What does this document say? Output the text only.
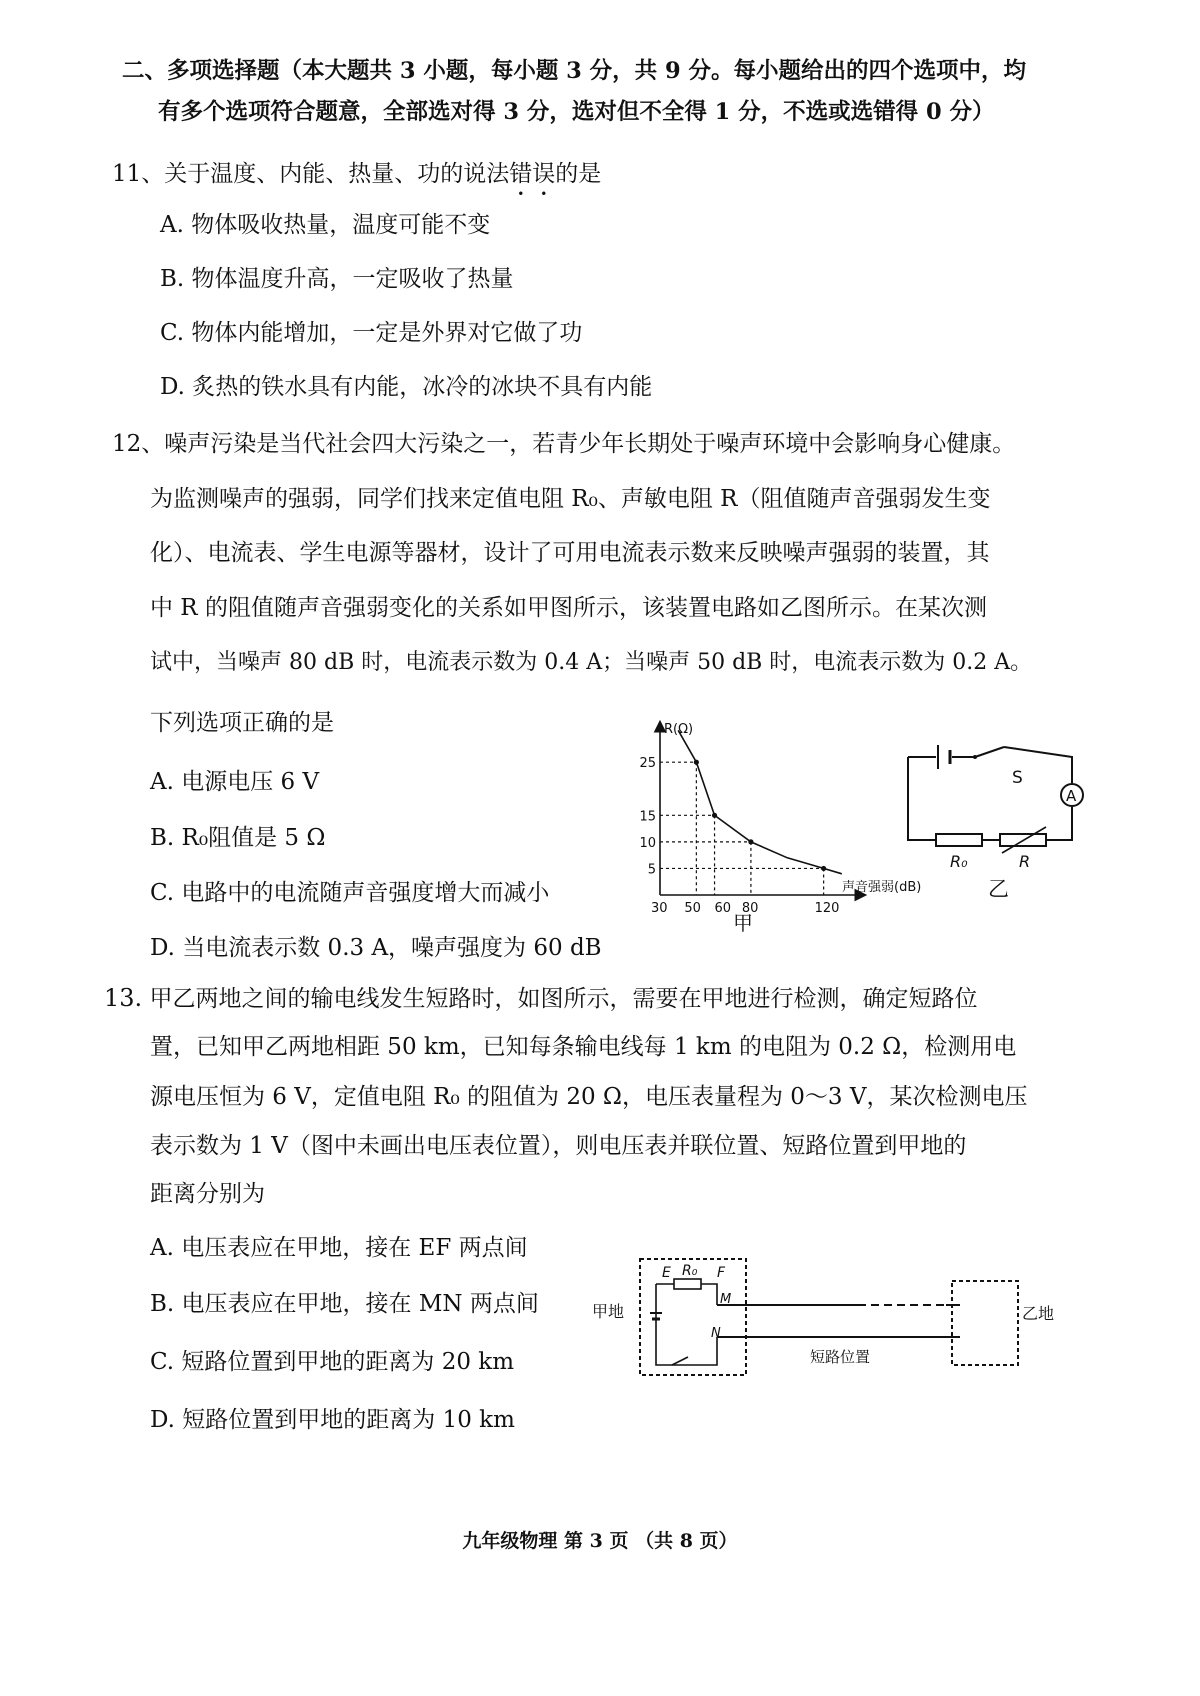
二、多项选择题（本大题共 3 小题，每小题 3 分，共 9 分。每小题给出的四个选项中，均
有多个选项符合题意，全部选对得 3 分，选对但不全得 1 分，不选或选错得 0 分）
11、关于温度、内能、热量、功的说法错误的是
A. 物体吸收热量，温度可能不变
B. 物体温度升高，一定吸收了热量
C. 物体内能增加，一定是外界对它做了功
D. 炙热的铁水具有内能，冰冷的冰块不具有内能
12、噪声污染是当代社会四大污染之一，若青少年长期处于噪声环境中会影响身心健康。
为监测噪声的强弱，同学们找来定值电阻 R₀、声敏电阻 R（阻值随声音强弱发生变
化）、电流表、学生电源等器材，设计了可用电流表示数来反映噪声强弱的装置，其
中 R 的阻值随声音强弱变化的关系如甲图所示，该装置电路如乙图所示。在某次测
试中，当噪声 80 dB 时，电流表示数为 0.4 A；当噪声 50 dB 时，电流表示数为 0.2 A。
下列选项正确的是
A. 电源电压 6 V
B. R₀阻值是 5 Ω
C. 电路中的电流随声音强度增大而减小
D. 当电流表示数 0.3 A，噪声强度为 60 dB
R(Ω)
声音强弱(dB)
30 50 60 80	120
5
10
15
25
甲
S
A
R₀	R
乙
13. 甲乙两地之间的输电线发生短路时，如图所示，需要在甲地进行检测，确定短路位
置，已知甲乙两地相距 50 km，已知每条输电线每 1 km 的电阻为 0.2 Ω，检测用电
源电压恒为 6 V，定值电阻 R₀ 的阻值为 20 Ω，电压表量程为 0～3 V，某次检测电压
表示数为 1 V（图中未画出电压表位置），则电压表并联位置、短路位置到甲地的
距离分别为
A. 电压表应在甲地，接在 EF 两点间
B. 电压表应在甲地，接在 MN 两点间
C. 短路位置到甲地的距离为 20 km
D. 短路位置到甲地的距离为 10 km
甲地
E R₀ F
M
N
短路位置
乙地
九年级物理 第 3 页 （共 8 页）
